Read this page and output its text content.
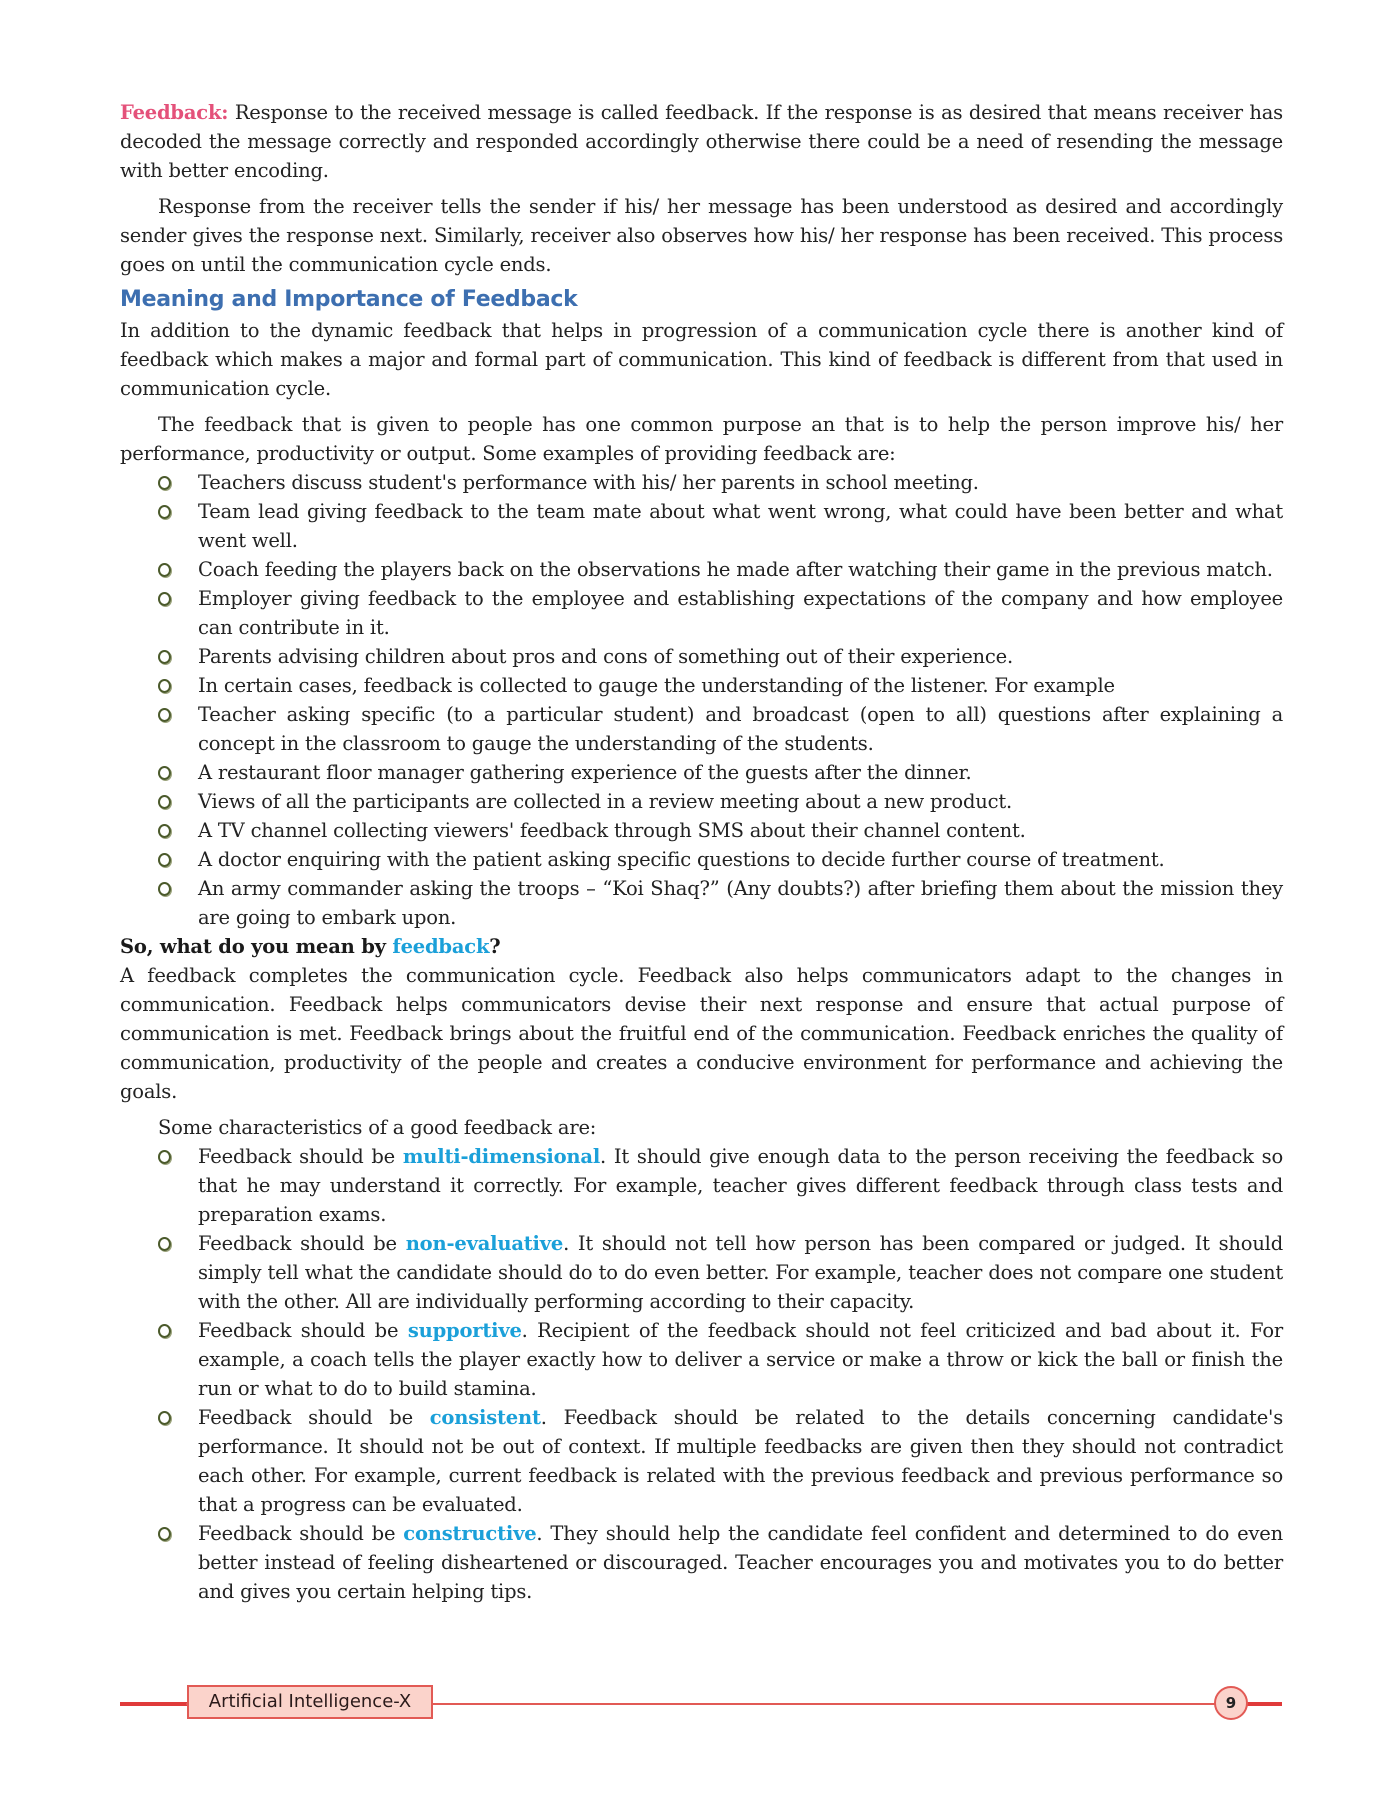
Feedback: Response to the received message is called feedback. If the response is as desired that means receiver has decoded the message correctly and responded accordingly otherwise there could be a need of resending the message with better encoding.

Response from the receiver tells the sender if his/ her message has been understood as desired and accordingly sender gives the response next. Similarly, receiver also observes how his/ her response has been received. This process goes on until the communication cycle ends.

Meaning and Importance of Feedback

In addition to the dynamic feedback that helps in progression of a communication cycle there is another kind of feedback which makes a major and formal part of communication. This kind of feedback is different from that used in communication cycle.

The feedback that is given to people has one common purpose an that is to help the person improve his/ her performance, productivity or output. Some examples of providing feedback are:

Teachers discuss student's performance with his/ her parents in school meeting.
Team lead giving feedback to the team mate about what went wrong, what could have been better and what went well.
Coach feeding the players back on the observations he made after watching their game in the previous match.
Employer giving feedback to the employee and establishing expectations of the company and how employee can contribute in it.
Parents advising children about pros and cons of something out of their experience.
In certain cases, feedback is collected to gauge the understanding of the listener. For example
Teacher asking specific (to a particular student) and broadcast (open to all) questions after explaining a concept in the classroom to gauge the understanding of the students.
A restaurant floor manager gathering experience of the guests after the dinner.
Views of all the participants are collected in a review meeting about a new product.
A TV channel collecting viewers' feedback through SMS about their channel content.
A doctor enquiring with the patient asking specific questions to decide further course of treatment.
An army commander asking the troops – “Koi Shaq?” (Any doubts?) after briefing them about the mission they are going to embark upon.

So, what do you mean by feedback?

A feedback completes the communication cycle. Feedback also helps communicators adapt to the changes in communication. Feedback helps communicators devise their next response and ensure that actual purpose of communication is met. Feedback brings about the fruitful end of the communication. Feedback enriches the quality of communication, productivity of the people and creates a conducive environment for performance and achieving the goals.

Some characteristics of a good feedback are:

Feedback should be multi-dimensional. It should give enough data to the person receiving the feedback so that he may understand it correctly. For example, teacher gives different feedback through class tests and preparation exams.
Feedback should be non-evaluative. It should not tell how person has been compared or judged. It should simply tell what the candidate should do to do even better. For example, teacher does not compare one student with the other. All are individually performing according to their capacity.
Feedback should be supportive. Recipient of the feedback should not feel criticized and bad about it. For example, a coach tells the player exactly how to deliver a service or make a throw or kick the ball or finish the run or what to do to build stamina.
Feedback should be consistent. Feedback should be related to the details concerning candidate's performance. It should not be out of context. If multiple feedbacks are given then they should not contradict each other. For example, current feedback is related with the previous feedback and previous performance so that a progress can be evaluated.
Feedback should be constructive. They should help the candidate feel confident and determined to do even better instead of feeling disheartened or discouraged. Teacher encourages you and motivates you to do better and gives you certain helping tips.
Artificial Intelligence-X	9
